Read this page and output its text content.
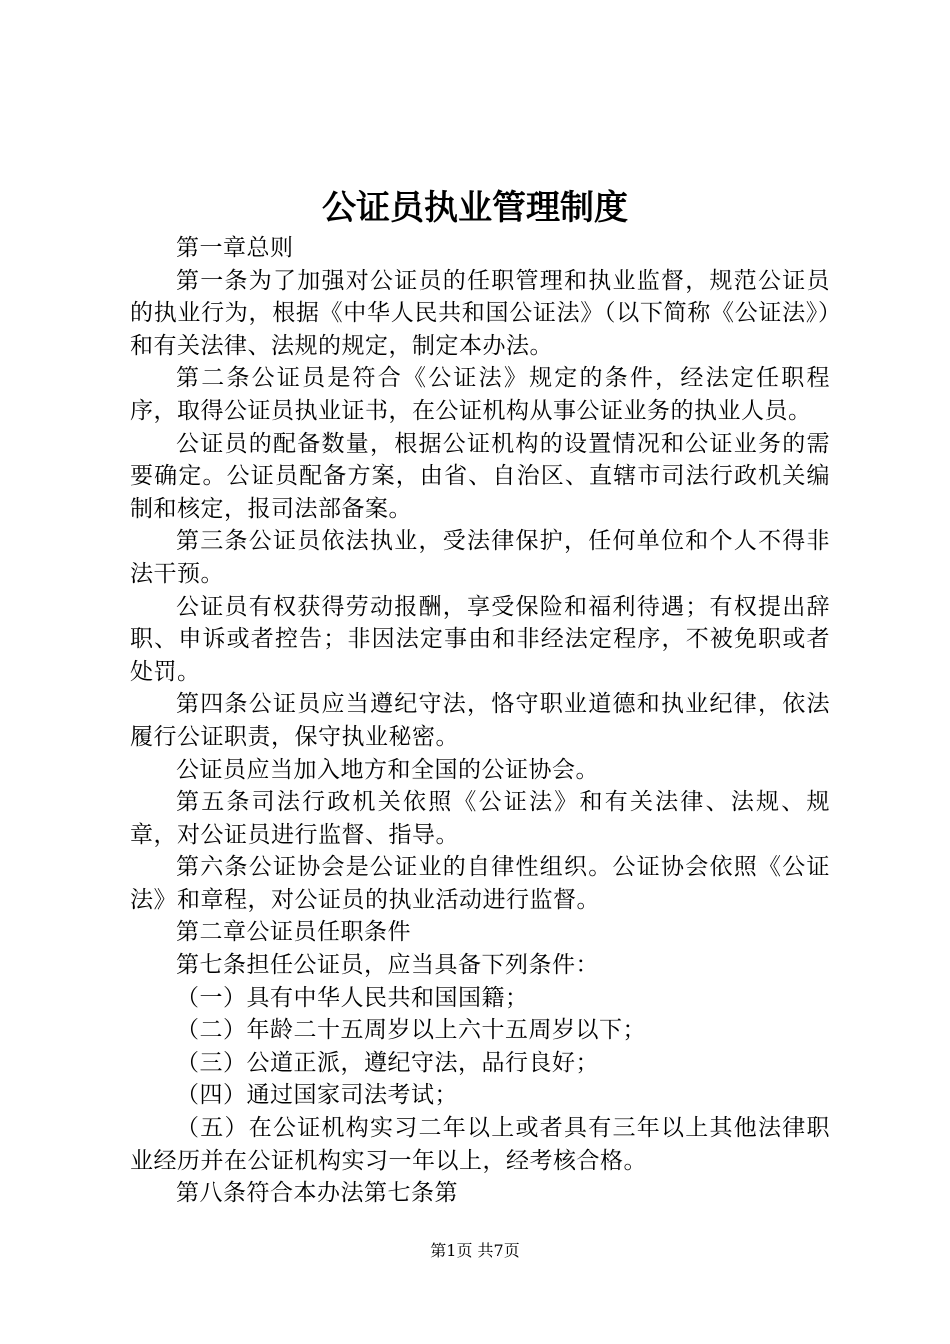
公证员执业管理制度

第一章总则

第一条为了加强对公证员的任职管理和执业监督，规范公证员的执业行为，根据《中华人民共和国公证法》（以下简称《公证法》）和有关法律、法规的规定，制定本办法。

第二条公证员是符合《公证法》规定的条件，经法定任职程序，取得公证员执业证书，在公证机构从事公证业务的执业人员。

公证员的配备数量，根据公证机构的设置情况和公证业务的需要确定。公证员配备方案，由省、自治区、直辖市司法行政机关编制和核定，报司法部备案。

第三条公证员依法执业，受法律保护，任何单位和个人不得非法干预。

公证员有权获得劳动报酬，享受保险和福利待遇；有权提出辞职、申诉或者控告；非因法定事由和非经法定程序，不被免职或者处罚。

第四条公证员应当遵纪守法，恪守职业道德和执业纪律，依法履行公证职责，保守执业秘密。

公证员应当加入地方和全国的公证协会。

第五条司法行政机关依照《公证法》和有关法律、法规、规章，对公证员进行监督、指导。

第六条公证协会是公证业的自律性组织。公证协会依照《公证法》和章程，对公证员的执业活动进行监督。

第二章公证员任职条件

第七条担任公证员，应当具备下列条件：

（一）具有中华人民共和国国籍；

（二）年龄二十五周岁以上六十五周岁以下；

（三）公道正派，遵纪守法，品行良好；

（四）通过国家司法考试；

（五）在公证机构实习二年以上或者具有三年以上其他法律职业经历并在公证机构实习一年以上，经考核合格。

第八条符合本办法第七条第

第1页 共7页
